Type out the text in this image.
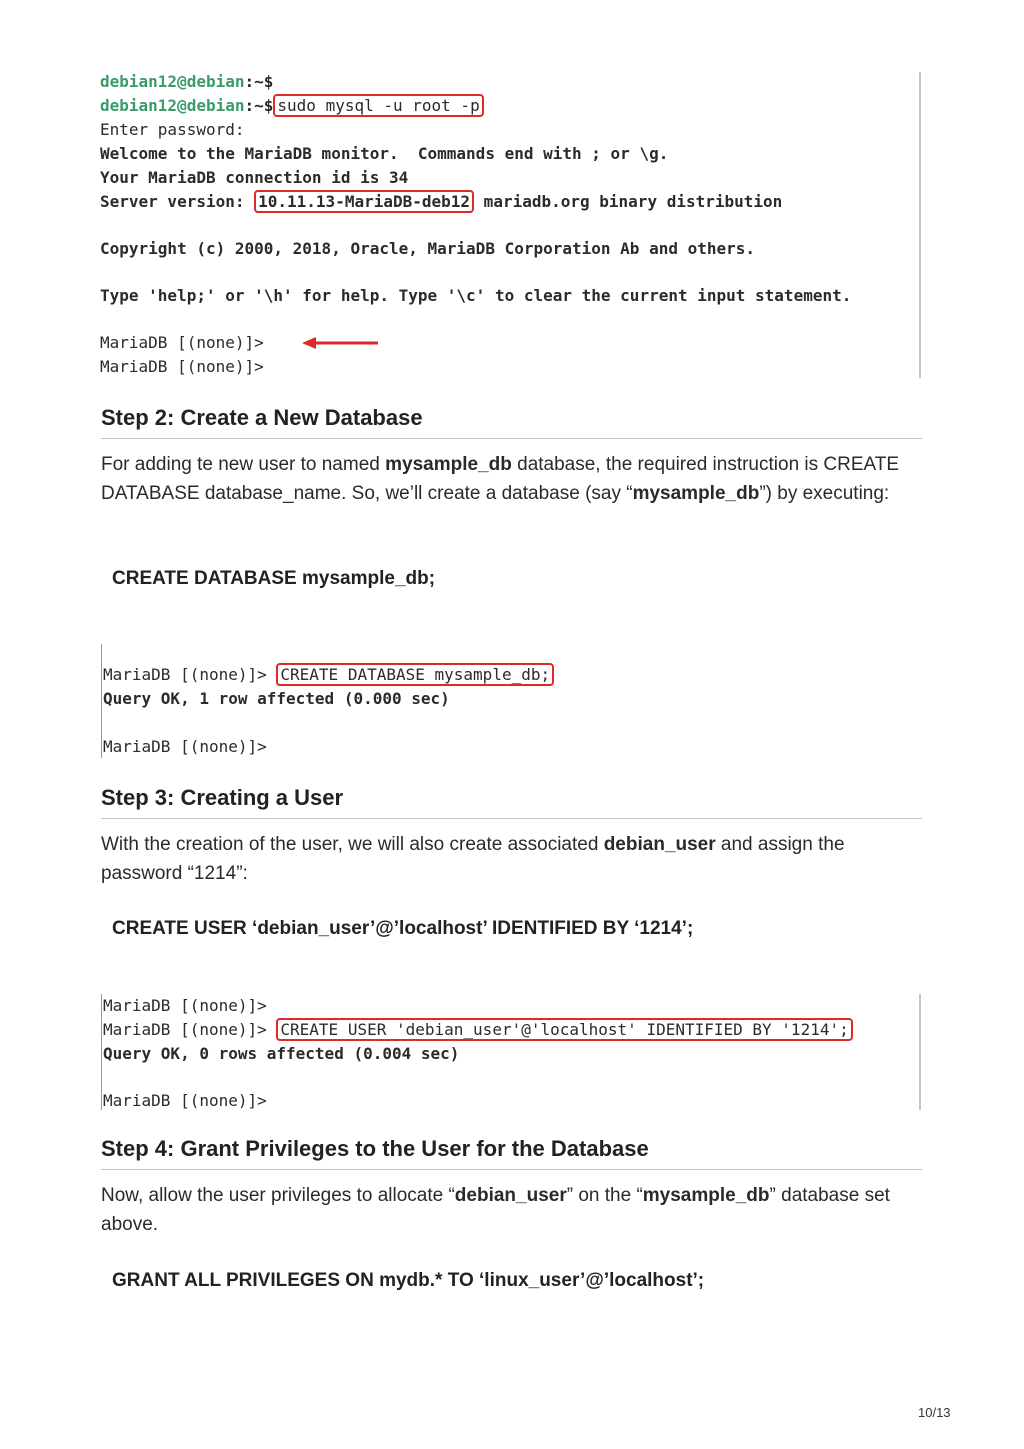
debian12@debian:~$
debian12@debian:~$ sudo mysql -u root -p
Enter password:
Welcome to the MariaDB monitor.  Commands end with ; or \g.
Your MariaDB connection id is 34
Server version: 10.11.13-MariaDB-deb12 mariadb.org binary distribution
Copyright (c) 2000, 2018, Oracle, MariaDB Corporation Ab and others.
Type 'help;' or '\h' for help. Type '\c' to clear the current input statement.
MariaDB [(none)]>
MariaDB [(none)]>
Step 2: Create a New Database

For adding te new user to named mysample_db database, the required instruction is CREATE DATABASE database_name. So, we’ll create a database (say “mysample_db”) by executing:

CREATE DATABASE mysample_db;
MariaDB [(none)]> CREATE DATABASE mysample_db;
Query OK, 1 row affected (0.000 sec)
MariaDB [(none)]>
Step 3: Creating a User

With the creation of the user, we will also create associated debian_user and assign the password “1214”:

CREATE USER ‘debian_user’@’localhost’ IDENTIFIED BY ‘1214’;
MariaDB [(none)]>
MariaDB [(none)]> CREATE USER 'debian_user'@'localhost' IDENTIFIED BY '1214';
Query OK, 0 rows affected (0.004 sec)
MariaDB [(none)]>
Step 4: Grant Privileges to the User for the Database

Now, allow the user privileges to allocate “debian_user” on the “mysample_db” database set above.

GRANT ALL PRIVILEGES ON mydb.* TO ‘linux_user’@’localhost’;
10/13
